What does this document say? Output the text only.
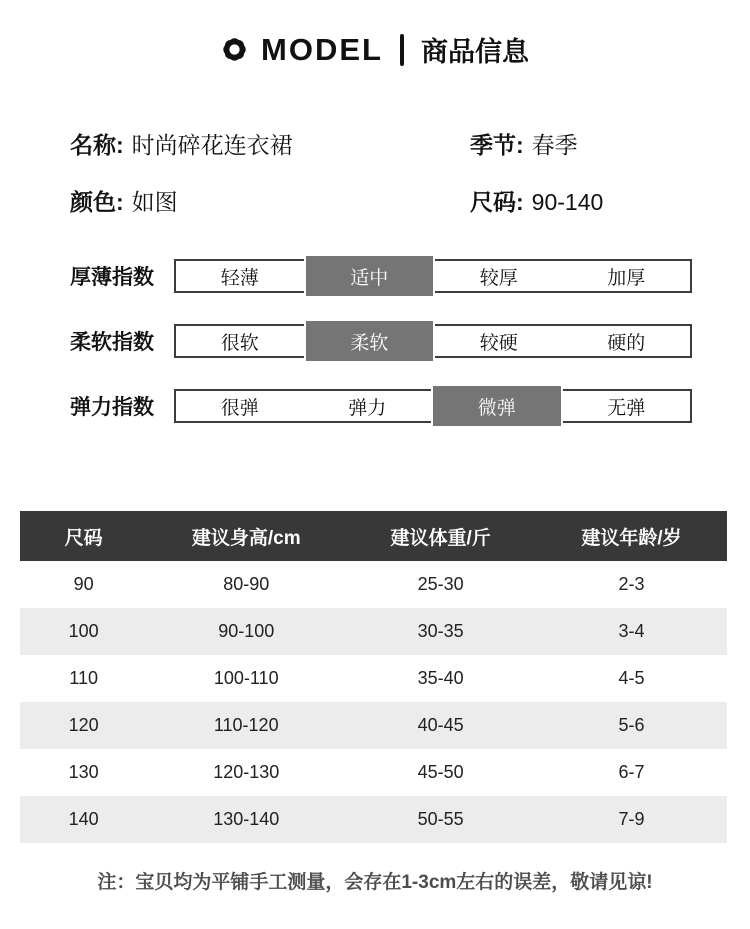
MODEL 商品信息
名称: 时尚碎花连衣裙	季节: 春季
颜色: 如图	尺码: 90-140
厚薄指数	轻薄	适中	较厚	加厚
柔软指数	很软	柔软	较硬	硬的
弹力指数	很弹	弹力	微弹	无弹
尺码	建议身高/cm	建议体重/斤	建议年龄/岁
90	80-90	25-30	2-3
100	90-100	30-35	3-4
110	100-110	35-40	4-5
120	110-120	40-45	5-6
130	120-130	45-50	6-7
140	130-140	50-55	7-9
注：宝贝均为平铺手工测量，会存在1-3cm左右的误差，敬请见谅!
